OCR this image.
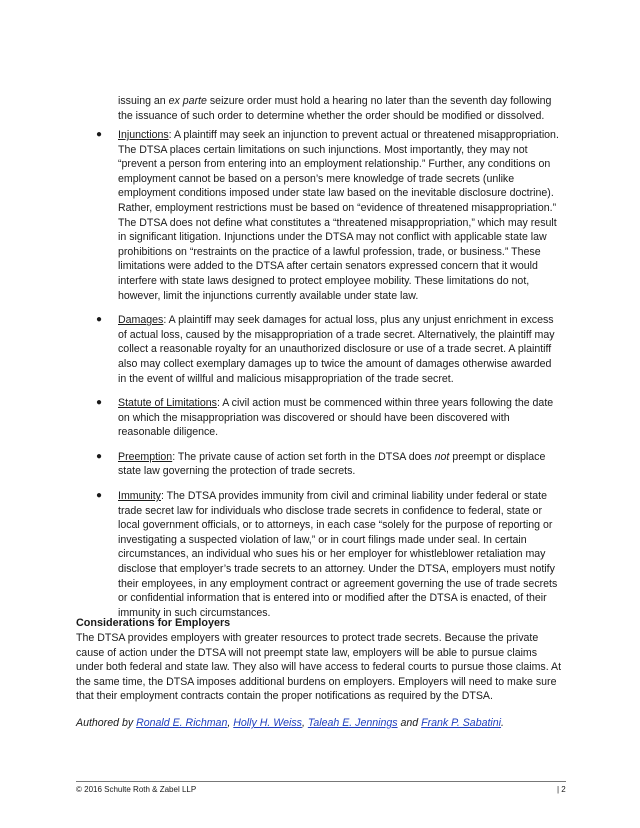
issuing an ex parte seizure order must hold a hearing no later than the seventh day following the issuance of such order to determine whether the order should be modified or dissolved.

●	Injunctions: A plaintiff may seek an injunction to prevent actual or threatened misappropriation. The DTSA places certain limitations on such injunctions. Most importantly, they may not “prevent a person from entering into an employment relationship.” Further, any conditions on employment cannot be based on a person’s mere knowledge of trade secrets (unlike employment conditions imposed under state law based on the inevitable disclosure doctrine). Rather, employment restrictions must be based on “evidence of threatened misappropriation.” The DTSA does not define what constitutes a “threatened misappropriation,” which may result in significant litigation. Injunctions under the DTSA may not conflict with applicable state law prohibitions on “restraints on the practice of a lawful profession, trade, or business.” These limitations were added to the DTSA after certain senators expressed concern that it would interfere with state laws designed to protect employee mobility. These limitations do not, however, limit the injunctions currently available under state law.
●	Damages: A plaintiff may seek damages for actual loss, plus any unjust enrichment in excess of actual loss, caused by the misappropriation of a trade secret. Alternatively, the plaintiff may collect a reasonable royalty for an unauthorized disclosure or use of a trade secret. A plaintiff also may collect exemplary damages up to twice the amount of damages otherwise awarded in the event of willful and malicious misappropriation of the trade secret.
●	Statute of Limitations: A civil action must be commenced within three years following the date on which the misappropriation was discovered or should have been discovered with reasonable diligence.
●	Preemption: The private cause of action set forth in the DTSA does not preempt or displace state law governing the protection of trade secrets.
●	Immunity: The DTSA provides immunity from civil and criminal liability under federal or state trade secret law for individuals who disclose trade secrets in confidence to federal, state or local government officials, or to attorneys, in each case “solely for the purpose of reporting or investigating a suspected violation of law,” or in court filings made under seal. In certain circumstances, an individual who sues his or her employer for whistleblower retaliation may disclose that employer’s trade secrets to an attorney. Under the DTSA, employers must notify their employees, in any employment contract or agreement governing the use of trade secrets or confidential information that is entered into or modified after the DTSA is enacted, of their immunity in such circumstances.
Considerations for Employers

The DTSA provides employers with greater resources to protect trade secrets. Because the private cause of action under the DTSA will not preempt state law, employers will be able to pursue claims under both federal and state law. They also will have access to federal courts to pursue those claims. At the same time, the DTSA imposes additional burdens on employers. Employers will need to make sure that their employment contracts contain the proper notifications as required by the DTSA.

Authored by Ronald E. Richman, Holly H. Weiss, Taleah E. Jennings and Frank P. Sabatini.

© 2016 Schulte Roth & Zabel LLP	| 2
